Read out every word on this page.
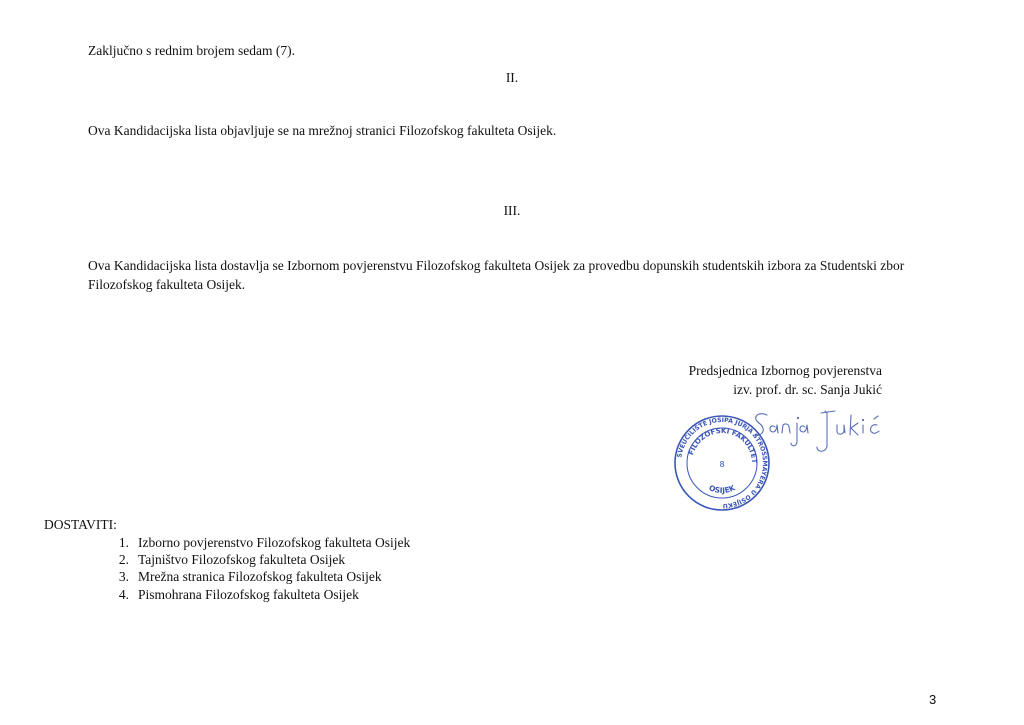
Zaključno s rednim brojem sedam (7).

II.

Ova Kandidacijska lista objavljuje se na mrežnoj stranici Filozofskog fakulteta Osijek.

III.

Ova Kandidacijska lista dostavlja se Izbornom povjerenstvu Filozofskog fakulteta Osijek za provedbu dopunskih studentskih izbora za Studentski zbor Filozofskog fakulteta Osijek.

Predsjednica Izbornog povjerenstva
izv. prof. dr. sc. Sanja Jukić
SVEUČILIŠTE JOSIPA JURJA STROSSMAYERA U OSIJEKU
FILOZOFSKI FAKULTET
OSIJEK
8

DOSTAVITI:

1. Izborno povjerenstvo Filozofskog fakulteta Osijek
2. Tajništvo Filozofskog fakulteta Osijek
3. Mrežna stranica Filozofskog fakulteta Osijek
4. Pismohrana Filozofskog fakulteta Osijek
3
